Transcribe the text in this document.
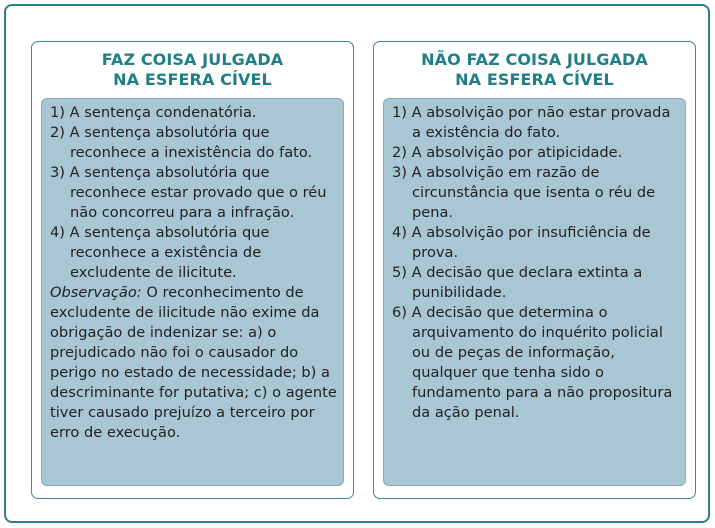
FAZ COISA JULGADA
NA ESFERA CÍVEL

1) A sentença condenatória.

2) A sentença absolutória que reconhece a inexistência do fato.

3) A sentença absolutória que reconhece estar provado que o réu não concorreu para a infração.

4) A sentença absolutória que reconhece a existência de excludente de ilicitute.

Observação: O reconhecimento de excludente de ilicitude não exime da obrigação de indenizar se: a) o prejudicado não foi o causador do perigo no estado de necessidade; b) a descriminante for putativa; c) o agente tiver causado prejuízo a terceiro por erro de execução.

NÃO FAZ COISA JULGADA
NA ESFERA CÍVEL

1) A absolvição por não estar provada a existência do fato.

2) A absolvição por atipicidade.

3) A absolvição em razão de circunstância que isenta o réu de pena.

4) A absolvição por insuficiência de prova.

5) A decisão que declara extinta a punibilidade.

6) A decisão que determina o arquivamento do inquérito policial ou de peças de informação, qualquer que tenha sido o fundamento para a não propositura da ação penal.
